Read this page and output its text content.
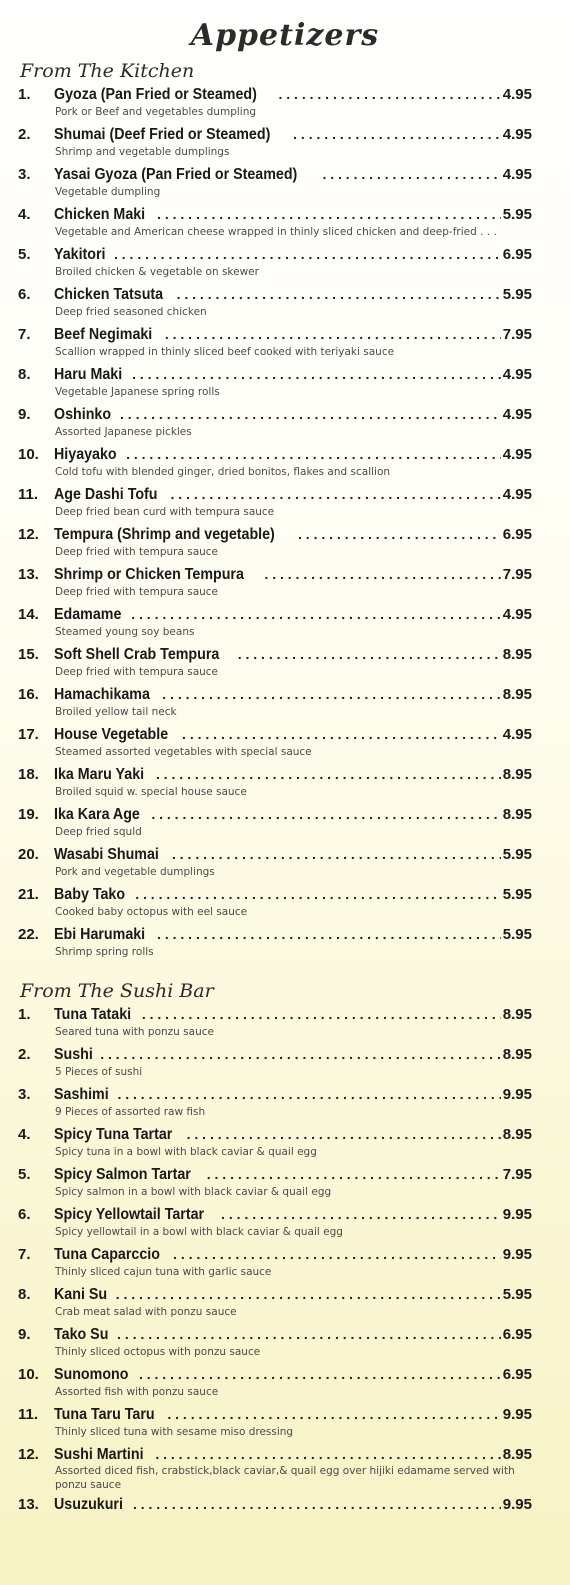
Appetizers
From The Kitchen
1.	Gyoza (Pan Fried or Steamed) . . .	4.95
Pork or Beef and vegetables dumpling
2.	Shumai (Deef Fried or Steamed) . . .	4.95
Shrimp and vegetable dumplings
3.	Yasai Gyoza (Pan Fried or Steamed) . . .	4.95
Vegetable dumpling
4.	Chicken Maki . . .	5.95
Vegetable and American cheese wrapped in thinly sliced chicken and deep-fried . . .
5.	Yakitori . . .	6.95
Broiled chicken & vegetable on skewer
6.	Chicken Tatsuta . . .	5.95
Deep fried seasoned chicken
7.	Beef Negimaki . . .	7.95
Scallion wrapped in thinly sliced beef cooked with teriyaki sauce
8.	Haru Maki . . .	4.95
Vegetable Japanese spring rolls
9.	Oshinko . . .	4.95
Assorted Japanese pickles
10. Hiyayako . . .	4.95
Cold tofu with blended ginger, dried bonitos, flakes and scallion
11.	Age Dashi Tofu . . .	4.95
Deep fried bean curd with tempura sauce
12. Tempura (Shrimp and vegetable) . . .	6.95
Deep fried with tempura sauce
13. Shrimp or Chicken Tempura . . .	7.95
Deep fried with tempura sauce
14. Edamame . . .	4.95
Steamed young soy beans
15. Soft Shell Crab Tempura . . .	8.95
Deep fried with tempura sauce
16. Hamachikama . . .	8.95
Broiled yellow tail neck
17. House Vegetable . . .	4.95
Steamed assorted vegetables with special sauce
18. Ika Maru Yaki . . .	8.95
Broiled squid w. special house sauce
19. Ika Kara Age . . .	8.95
Deep fried squld
20. Wasabi Shumai . . .	5.95
Pork and vegetable dumplings
21. Baby Tako . . .	5.95
Cooked baby octopus with eel sauce
22. Ebi Harumaki . . .	5.95
Shrimp spring rolls
From The Sushi Bar
1.	Tuna Tataki . . .	8.95
Seared tuna with ponzu sauce
2.	Sushi . . .	8.95
5 Pieces of sushi
3.	Sashimi . . .	9.95
9 Pieces of assorted raw fish
4.	Spicy Tuna Tartar . . .	8.95
Spicy tuna in a bowl with black caviar & quail egg
5.	Spicy Salmon Tartar . . .	7.95
Spicy salmon in a bowl with black caviar & quail egg
6.	Spicy Yellowtail Tartar . . .	9.95
Spicy yellowtail in a bowl with black caviar & quail egg
7.	Tuna Caparccio . . .	9.95
Thinly sliced cajun tuna with garlic sauce
8.	Kani Su . . .	5.95
Crab meat salad with ponzu sauce
9.	Tako Su . . .	6.95
Thinly sliced octopus with ponzu sauce
10. Sunomono . . .	6.95
Assorted fish with ponzu sauce
11.	Tuna Taru Taru . . .	9.95
Thinly sliced tuna with sesame miso dressing
12. Sushi Martini . . .	8.95
Assorted diced fish, crabstick,black caviar,& quail egg over hijiki edamame served with ponzu sauce
13. Usuzukuri . . .	9.95
